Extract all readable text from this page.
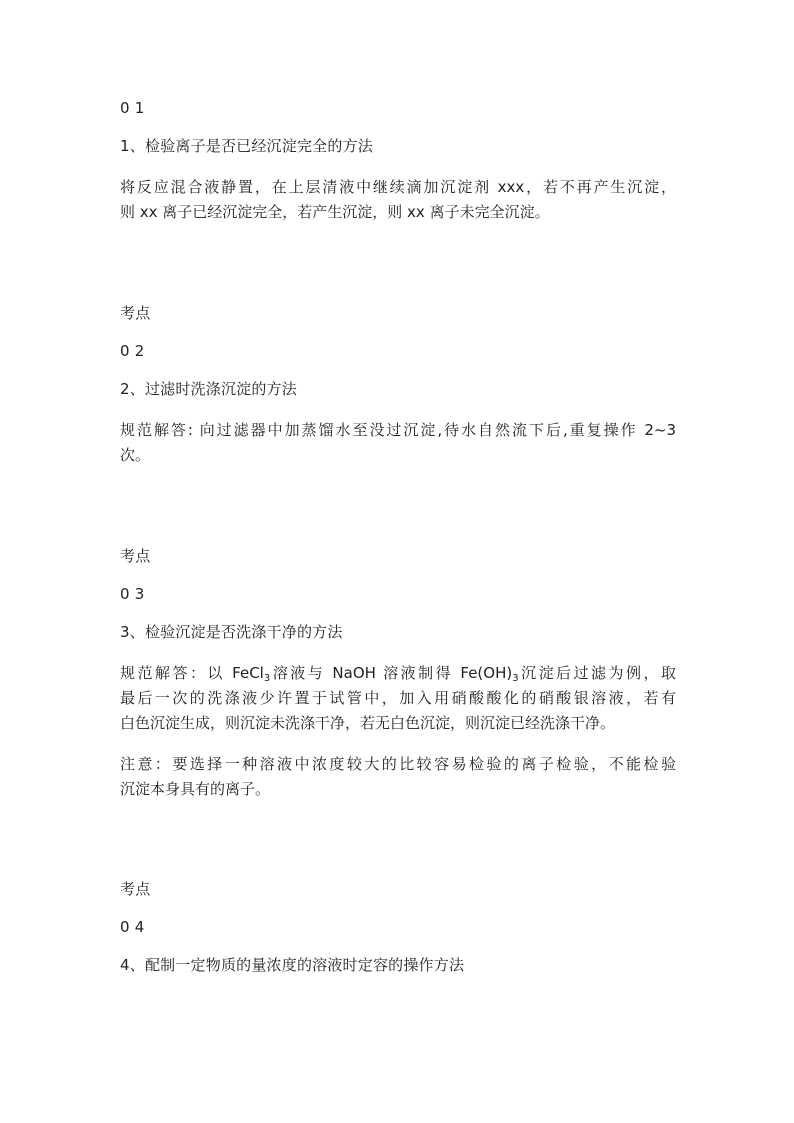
0 1
1、检验离子是否已经沉淀完全的方法
将反应混合液静置，在上层清液中继续滴加沉淀剂 xxx，若不再产生沉淀，
则 xx 离子已经沉淀完全，若产生沉淀，则 xx 离子未完全沉淀。
考点
0 2
2、过滤时洗涤沉淀的方法
规范解答: 向过滤器中加蒸馏水至没过沉淀,待水自然流下后,重复操作 2~3
次。
考点
0 3
3、检验沉淀是否洗涤干净的方法
规范解答：以 FeCl$_3$溶液与 NaOH 溶液制得 $Fe(OH)_3$沉淀后过滤为例，取
最后一次的洗涤液少许置于试管中，加入用硝酸酸化的硝酸银溶液，若有
白色沉淀生成，则沉淀未洗涤干净，若无白色沉淀，则沉淀已经洗涤干净。
注意：要选择一种溶液中浓度较大的比较容易检验的离子检验，不能检验
沉淀本身具有的离子。
考点
0 4
4、配制一定物质的量浓度的溶液时定容的操作方法
